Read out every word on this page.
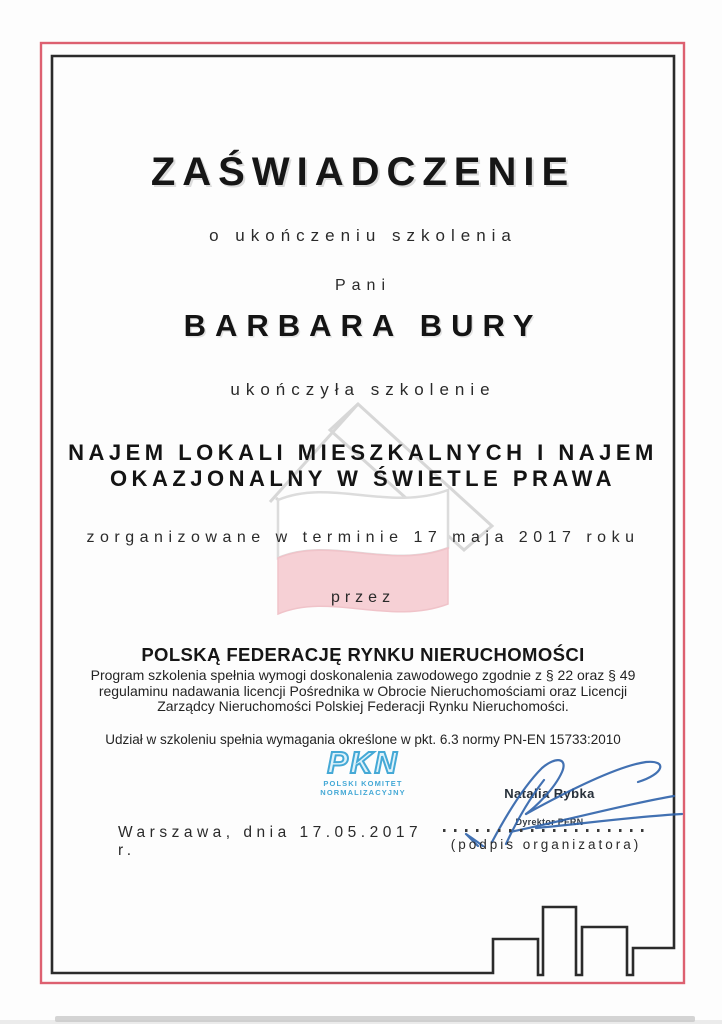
ZAŚWIADCZENIE
o ukończeniu szkolenia
Pani
BARBARA BURY
ukończyła szkolenie
NAJEM LOKALI MIESZKALNYCH I NAJEM
OKAZJONALNY W ŚWIETLE PRAWA
zorganizowane w terminie 17 maja 2017 roku
przez
POLSKĄ FEDERACJĘ RYNKU NIERUCHOMOŚCI
Program szkolenia spełnia wymogi doskonalenia zawodowego zgodnie z § 22 oraz § 49
regulaminu nadawania licencji Pośrednika w Obrocie Nieruchomościami oraz Licencji
Zarządcy Nieruchomości Polskiej Federacji Rynku Nieruchomości.
Udział w szkoleniu spełnia wymagania określone w pkt. 6.3 normy PN-EN 15733:2010
PKN
POLSKI KOMITET
NORMALIZACYJNY
Warszawa, dnia 17.05.2017 r.
Natalia Rybka
Dyrektor PFRN
(podpis organizatora)
